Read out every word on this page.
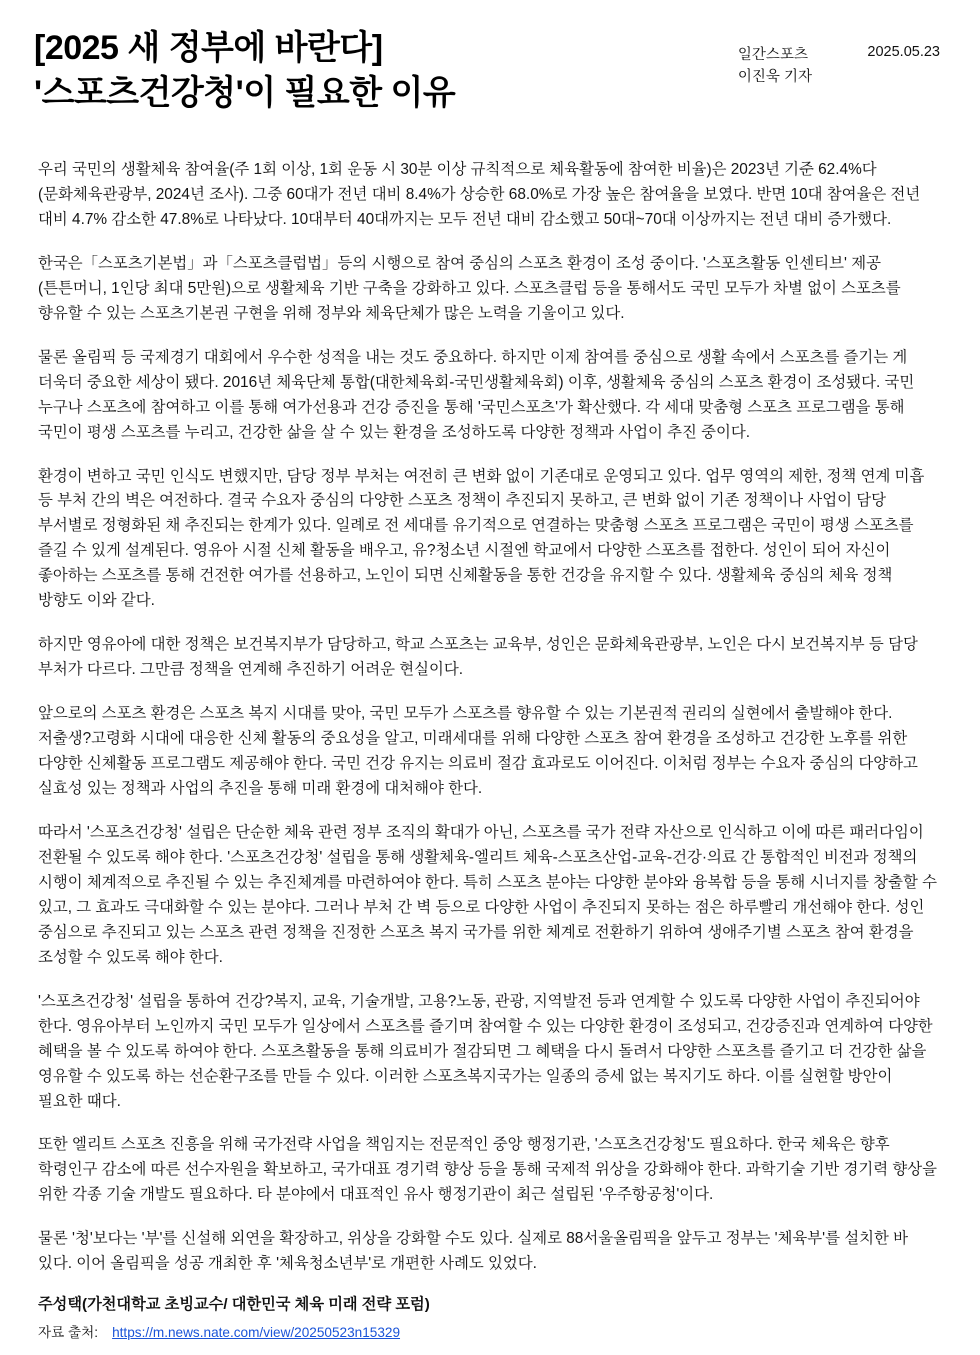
[2025 새 정부에 바란다]
'스포츠건강청'이 필요한 이유
일간스포츠
이진욱 기자
2025.05.23

우리 국민의 생활체육 참여율(주 1회 이상, 1회 운동 시 30분 이상 규칙적으로 체육활동에 참여한 비율)은 2023년 기준 62.4%다(문화체육관광부, 2024년 조사). 그중 60대가 전년 대비 8.4%가 상승한 68.0%로 가장 높은 참여율을 보였다. 반면 10대 참여율은 전년 대비 4.7% 감소한 47.8%로 나타났다. 10대부터 40대까지는 모두 전년 대비 감소했고 50대~70대 이상까지는 전년 대비 증가했다.

한국은「스포츠기본법」과「스포츠클럽법」등의 시행으로 참여 중심의 스포츠 환경이 조성 중이다. '스포츠활동 인센티브' 제공(튼튼머니, 1인당 최대 5만원)으로 생활체육 기반 구축을 강화하고 있다. 스포츠클럽 등을 통해서도 국민 모두가 차별 없이 스포츠를 향유할 수 있는 스포츠기본권 구현을 위해 정부와 체육단체가 많은 노력을 기울이고 있다.

물론 올림픽 등 국제경기 대회에서 우수한 성적을 내는 것도 중요하다. 하지만 이제 참여를 중심으로 생활 속에서 스포츠를 즐기는 게 더욱더 중요한 세상이 됐다. 2016년 체육단체 통합(대한체육회-국민생활체육회) 이후, 생활체육 중심의 스포츠 환경이 조성됐다. 국민 누구나 스포츠에 참여하고 이를 통해 여가선용과 건강 증진을 통해 '국민스포츠'가 확산했다. 각 세대 맞춤형 스포츠 프로그램을 통해 국민이 평생 스포츠를 누리고, 건강한 삶을 살 수 있는 환경을 조성하도록 다양한 정책과 사업이 추진 중이다.

환경이 변하고 국민 인식도 변했지만, 담당 정부 부처는 여전히 큰 변화 없이 기존대로 운영되고 있다. 업무 영역의 제한, 정책 연계 미흡 등 부처 간의 벽은 여전하다. 결국 수요자 중심의 다양한 스포츠 정책이 추진되지 못하고, 큰 변화 없이 기존 정책이나 사업이 담당 부서별로 정형화된 채 추진되는 한계가 있다. 일례로 전 세대를 유기적으로 연결하는 맞춤형 스포츠 프로그램은 국민이 평생 스포츠를 즐길 수 있게 설계된다. 영유아 시절 신체 활동을 배우고, 유?청소년 시절엔 학교에서 다양한 스포츠를 접한다. 성인이 되어 자신이 좋아하는 스포츠를 통해 건전한 여가를 선용하고, 노인이 되면 신체활동을 통한 건강을 유지할 수 있다. 생활체육 중심의 체육 정책 방향도 이와 같다.

하지만 영유아에 대한 정책은 보건복지부가 담당하고, 학교 스포츠는 교육부, 성인은 문화체육관광부, 노인은 다시 보건복지부 등 담당 부처가 다르다. 그만큼 정책을 연계해 추진하기 어려운 현실이다.

앞으로의 스포츠 환경은 스포츠 복지 시대를 맞아, 국민 모두가 스포츠를 향유할 수 있는 기본권적 권리의 실현에서 출발해야 한다. 저출생?고령화 시대에 대응한 신체 활동의 중요성을 알고, 미래세대를 위해 다양한 스포츠 참여 환경을 조성하고 건강한 노후를 위한 다양한 신체활동 프로그램도 제공해야 한다. 국민 건강 유지는 의료비 절감 효과로도 이어진다. 이처럼 정부는 수요자 중심의 다양하고 실효성 있는 정책과 사업의 추진을 통해 미래 환경에 대처해야 한다.

따라서 '스포츠건강청' 설립은 단순한 체육 관련 정부 조직의 확대가 아닌, 스포츠를 국가 전략 자산으로 인식하고 이에 따른 패러다임이 전환될 수 있도록 해야 한다. '스포츠건강청' 설립을 통해 생활체육-엘리트 체육-스포츠산업-교육-건강·의료 간 통합적인 비전과 정책의 시행이 체계적으로 추진될 수 있는 추진체계를 마련하여야 한다. 특히 스포츠 분야는 다양한 분야와 융복합 등을 통해 시너지를 창출할 수 있고, 그 효과도 극대화할 수 있는 분야다. 그러나 부처 간 벽 등으로 다양한 사업이 추진되지 못하는 점은 하루빨리 개선해야 한다. 성인 중심으로 추진되고 있는 스포츠 관련 정책을 진정한 스포츠 복지 국가를 위한 체계로 전환하기 위하여 생애주기별 스포츠 참여 환경을 조성할 수 있도록 해야 한다.

'스포츠건강청' 설립을 통하여 건강?복지, 교육, 기술개발, 고용?노동, 관광, 지역발전 등과 연계할 수 있도록 다양한 사업이 추진되어야 한다. 영유아부터 노인까지 국민 모두가 일상에서 스포츠를 즐기며 참여할 수 있는 다양한 환경이 조성되고, 건강증진과 연계하여 다양한 혜택을 볼 수 있도록 하여야 한다. 스포츠활동을 통해 의료비가 절감되면 그 혜택을 다시 돌려서 다양한 스포츠를 즐기고 더 건강한 삶을 영유할 수 있도록 하는 선순환구조를 만들 수 있다. 이러한 스포츠복지국가는 일종의 증세 없는 복지기도 하다. 이를 실현할 방안이 필요한 때다.

또한 엘리트 스포츠 진흥을 위해 국가전략 사업을 책임지는 전문적인 중앙 행정기관, '스포츠건강청'도 필요하다. 한국 체육은 향후 학령인구 감소에 따른 선수자원을 확보하고, 국가대표 경기력 향상 등을 통해 국제적 위상을 강화해야 한다. 과학기술 기반 경기력 향상을 위한 각종 기술 개발도 필요하다. 타 분야에서 대표적인 유사 행정기관이 최근 설립된 '우주항공청'이다.

물론 '청'보다는 '부'를 신설해 외연을 확장하고, 위상을 강화할 수도 있다. 실제로 88서울올림픽을 앞두고 정부는 '체육부'를 설치한 바 있다. 이어 올림픽을 성공 개최한 후 '체육청소년부'로 개편한 사례도 있었다.

주성택(가천대학교 초빙교수/ 대한민국 체육 미래 전략 포럼)
자료 출처: https://m.news.nate.com/view/20250523n15329
